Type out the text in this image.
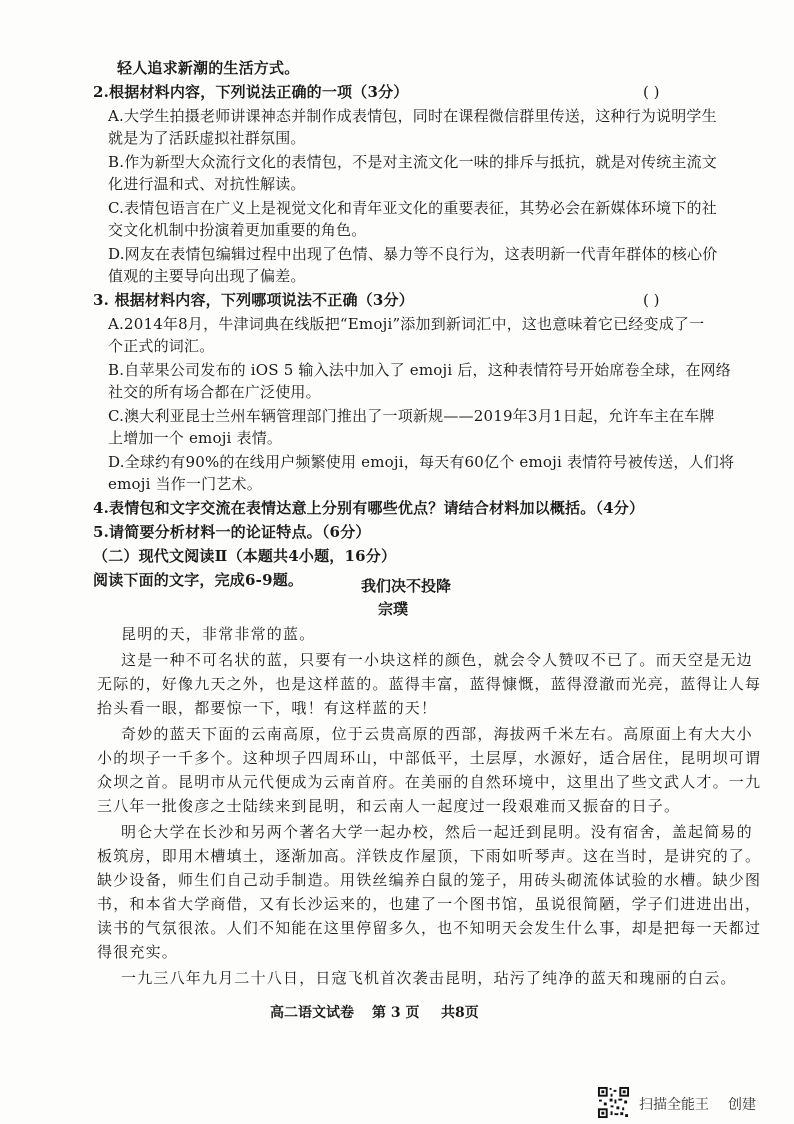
轻人追求新潮的生活方式。
2.根据材料内容，下列说法正确的一项（3分）
A.大学生拍摄老师讲课神态并制作成表情包，同时在课程微信群里传送，这种行为说明学生
就是为了活跃虚拟社群氛围。
B.作为新型大众流行文化的表情包，不是对主流文化一味的排斥与抵抗，就是对传统主流文
化进行温和式、对抗性解读。
C.表情包语言在广义上是视觉文化和青年亚文化的重要表征，其势必会在新媒体环境下的社
交文化机制中扮演着更加重要的角色。
D.网友在表情包编辑过程中出现了色情、暴力等不良行为，这表明新一代青年群体的核心价
值观的主要导向出现了偏差。
3. 根据材料内容，下列哪项说法不正确（3分）
A.2014年8月，牛津词典在线版把“Emoji”添加到新词汇中，这也意味着它已经变成了一
个正式的词汇。
B.自苹果公司发布的 iOS 5 输入法中加入了 emoji 后，这种表情符号开始席卷全球，在网络
社交的所有场合都在广泛使用。
C.澳大利亚昆士兰州车辆管理部门推出了一项新规——2019年3月1日起，允许车主在车牌
上增加一个 emoji 表情。
D.全球约有90%的在线用户频繁使用 emoji，每天有60亿个 emoji 表情符号被传送，人们将
emoji 当作一门艺术。
4.表情包和文字交流在表情达意上分别有哪些优点？请结合材料加以概括。（4分）
5.请简要分析材料一的论证特点。（6分）
（二）现代文阅读Ⅱ（本题共4小题，16分）
阅读下面的文字，完成6-9题。
( )
( )
我们决不投降
宗璞
昆明的天，非常非常的蓝。
这是一种不可名状的蓝，只要有一小块这样的颜色，就会令人赞叹不已了。而天空是无边
无际的，好像九天之外，也是这样蓝的。蓝得丰富，蓝得慷慨，蓝得澄澈而光亮，蓝得让人每
抬头看一眼，都要惊一下，哦！有这样蓝的天！
奇妙的蓝天下面的云南高原，位于云贵高原的西部，海拔两千米左右。高原面上有大大小
小的坝子一千多个。这种坝子四周环山，中部低平，土层厚，水源好，适合居住，昆明坝可谓
众坝之首。昆明市从元代便成为云南首府。在美丽的自然环境中，这里出了些文武人才。一九
三八年一批俊彦之士陆续来到昆明，和云南人一起度过一段艰难而又振奋的日子。
明仑大学在长沙和另两个著名大学一起办校，然后一起迁到昆明。没有宿舍，盖起简易的
板筑房，即用木槽填土，逐渐加高。洋铁皮作屋顶，下雨如听琴声。这在当时，是讲究的了。
缺少设备，师生们自己动手制造。用铁丝编养白鼠的笼子，用砖头砌流体试验的水槽。缺少图
书，和本省大学商借，又有长沙运来的，也建了一个图书馆，虽说很简陋，学子们进进出出，
读书的气氛很浓。人们不知能在这里停留多久，也不知明天会发生什么事，却是把每一天都过
得很充实。
一九三八年九月二十八日，日寇飞机首次袭击昆明，玷污了纯净的蓝天和瑰丽的白云。
高二语文试卷 第 3 页 共8页
扫描全能王 创建
